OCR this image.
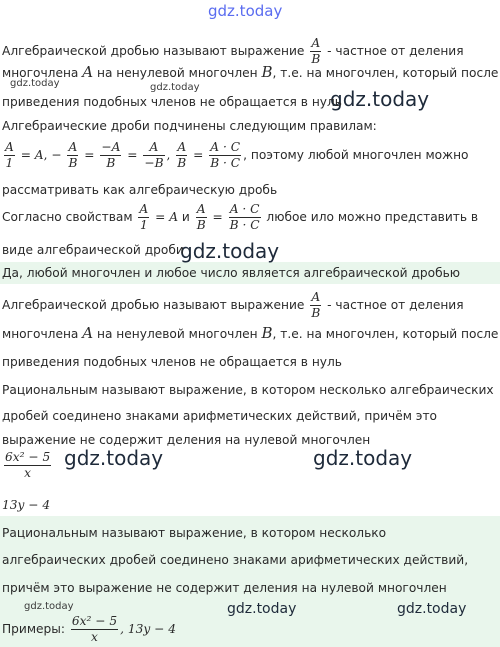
gdz.today
gdz.today	gdz.today	gdz.today
gdz.today
gdz.today	gdz.today
gdz.today	gdz.today	gdz.today
Алгебраической дробью называют выражение $\frac{A}{B}$ - частное от деления
многочлена A на ненулевой многочлен B, т.е. на многочлен, который после
приведения подобных членов не обращается в нуль
Алгебраические дроби подчинены следующим правилам:
$\frac{A}{1} = A$, − $\frac{A}{B} = \frac{-A}{B} = \frac{A}{-B}$ , $\frac{A}{B} = \frac{A \cdot C}{B \cdot C}$ , поэтому любой многочлен можно
рассматривать как алгебраическую дробь
Согласно свойствам $\frac{A}{1} = A$ и $\frac{A}{B} = \frac{A \cdot C}{B \cdot C}$ любое ило можно представить в
виде алгебраической дроби
Да, любой многочлен и любое число является алгебраической дробью
Алгебраической дробью называют выражение $\frac{A}{B}$ - частное от деления
многочлена A на ненулевой многочлен B, т.е. на многочлен, который после
приведения подобных членов не обращается в нуль
Рациональным называют выражение, в котором несколько алгебраических
дробей соединено знаками арифметических действий, причём это
выражение не содержит деления на нулевой многочлен
$\frac{\text{6x² − 5}}{x}$
13y − 4
Рациональным называют выражение, в котором несколько
алгебраических дробей соединено знаками арифметических действий,
причём это выражение не содержит деления на нулевой многочлен
Примеры: $\frac{\text{6x² − 5}}{x}$ , 13y − 4
